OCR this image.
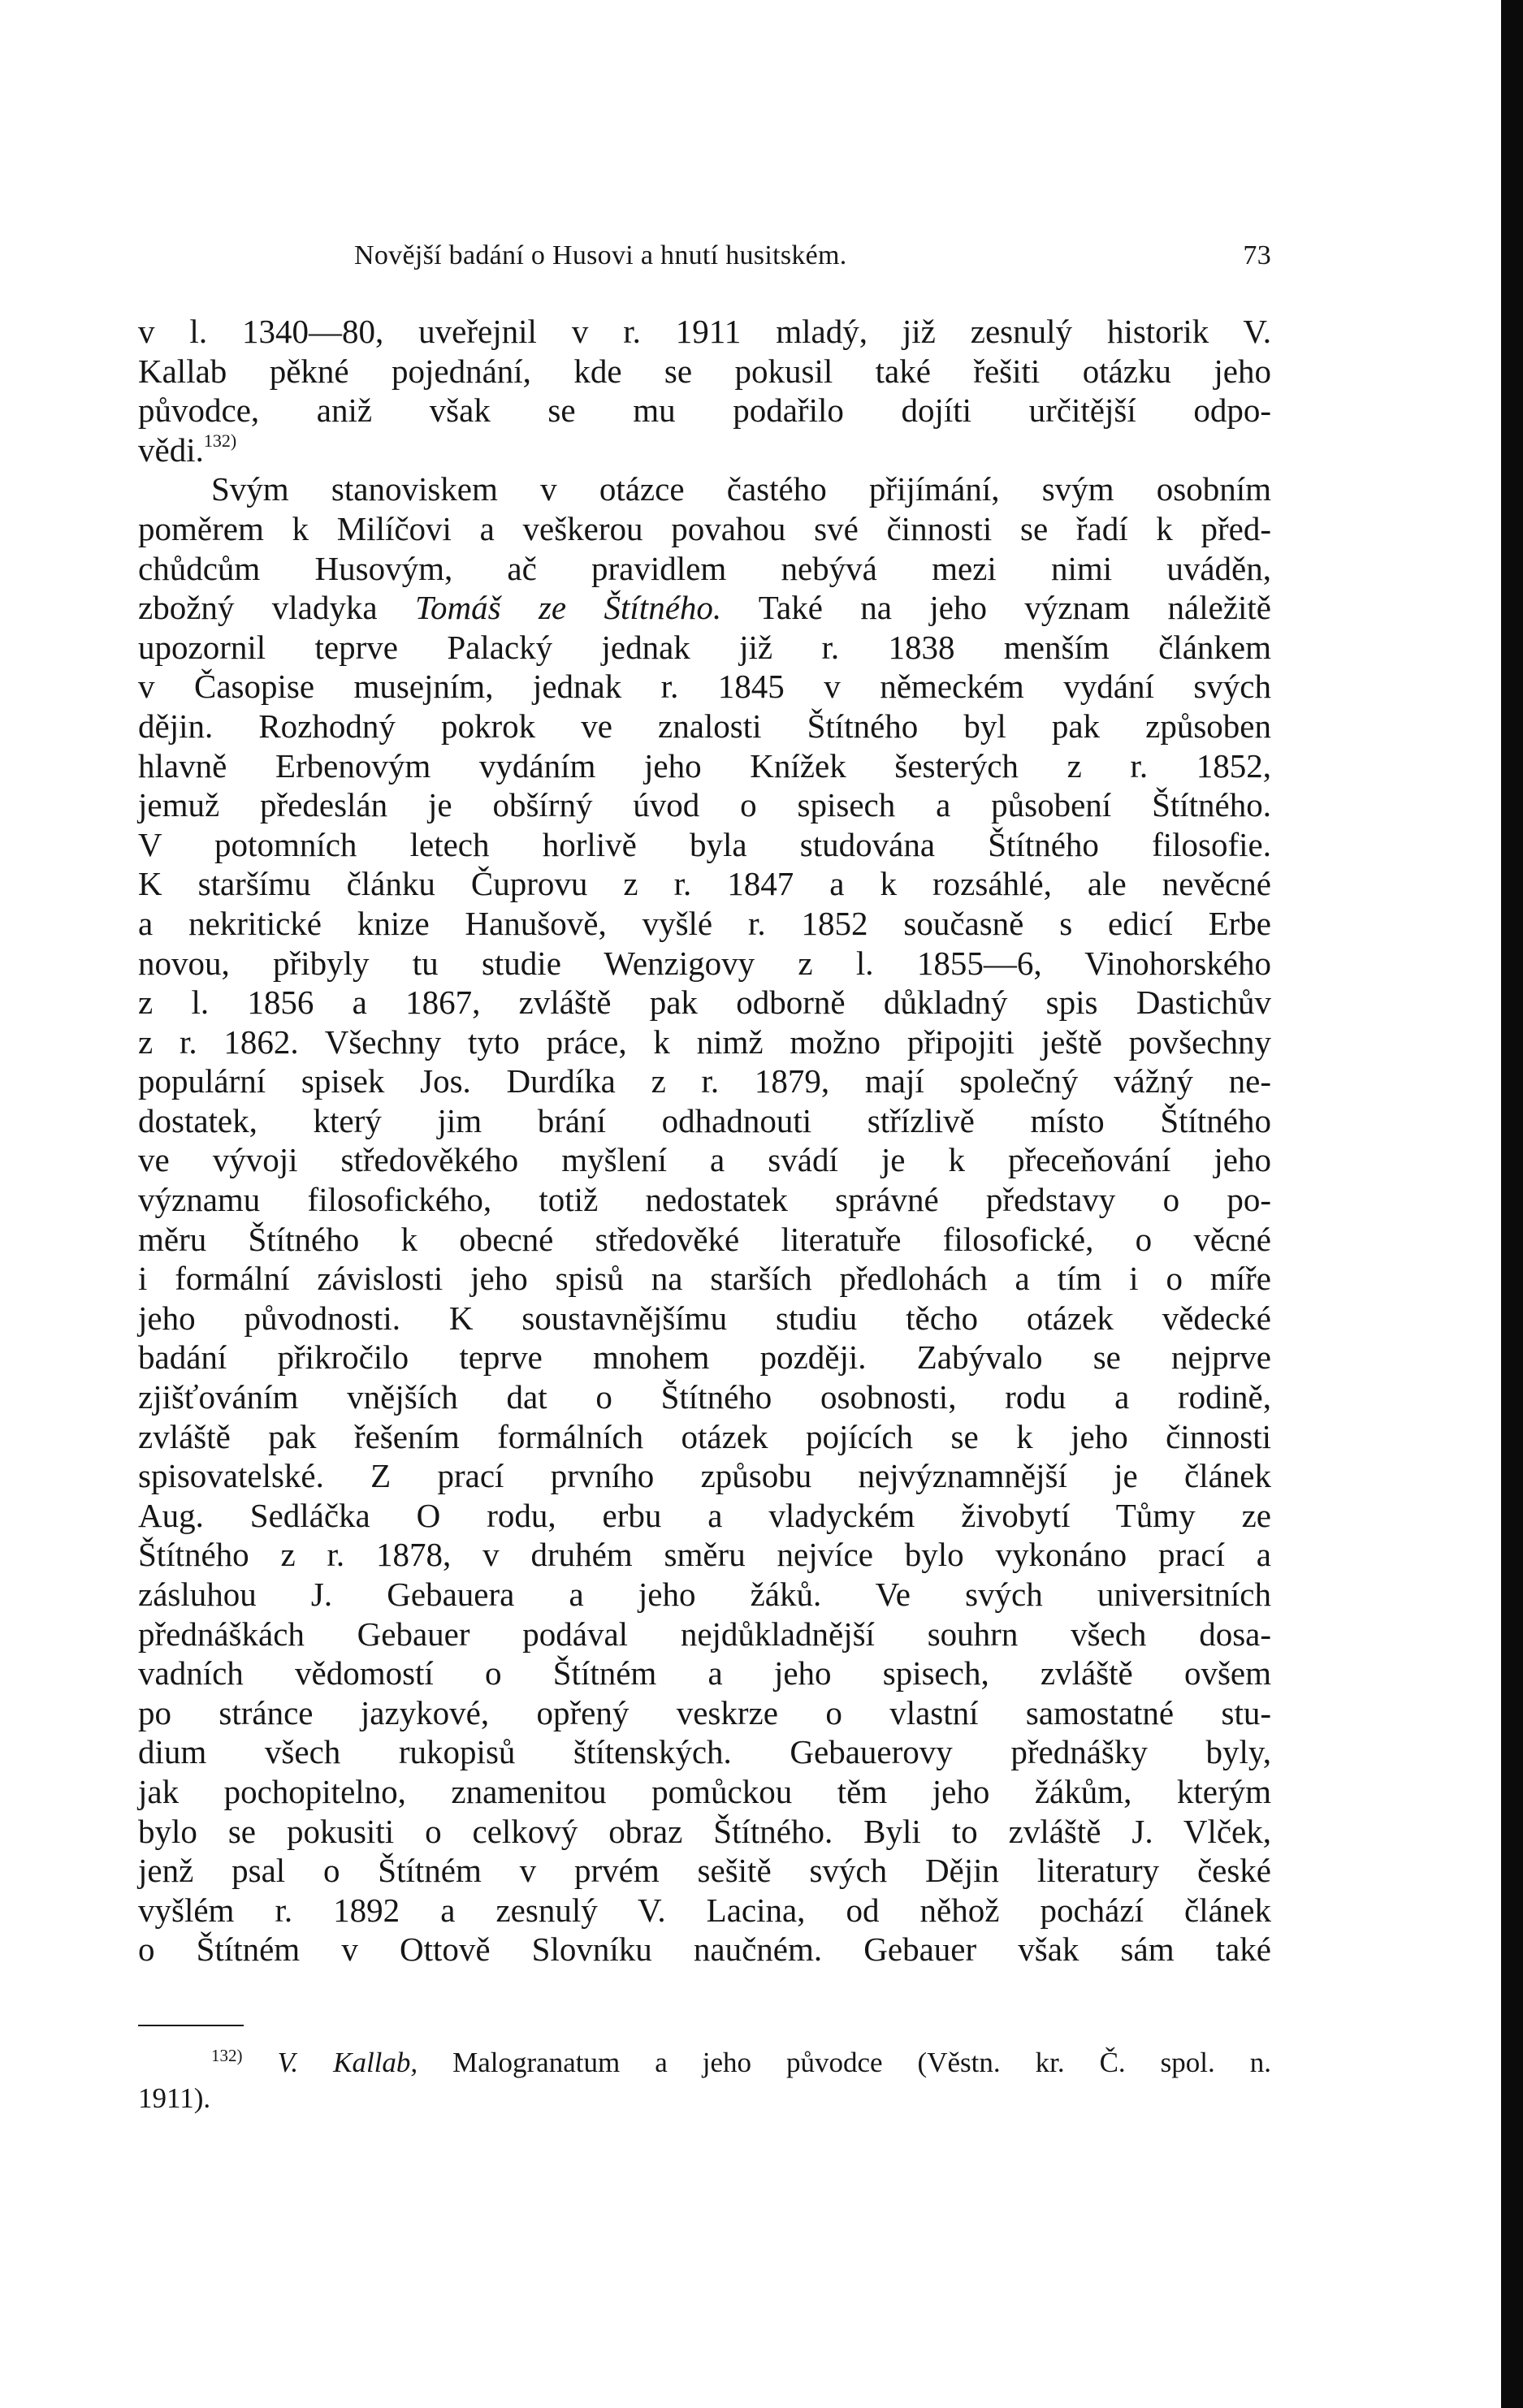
Novější badání o Husovi a hnutí husitském.	73
v l. 1340—80, uveřejnil v r. 1911 mladý, již zesnulý historik V.
Kallab pěkné pojednání, kde se pokusil také řešiti otázku jeho
původce, aniž však se mu podařilo dojíti určitější odpo-
vědi.$^{132)}$
Svým stanoviskem v otázce častého přijímání, svým osobním
poměrem k Milíčovi a veškerou povahou své činnosti se řadí k před-
chůdcům Husovým, ač pravidlem nebývá mezi nimi uváděn,
zbožný vladyka Tomáš ze Štítného. Také na jeho význam náležitě
upozornil teprve Palacký jednak již r. 1838 menším článkem
v Časopise musejním, jednak r. 1845 v německém vydání svých
dějin. Rozhodný pokrok ve znalosti Štítného byl pak způsoben
hlavně Erbenovým vydáním jeho Knížek šesterých z r. 1852,
jemuž předeslán je obšírný úvod o spisech a působení Štítného.
V potomních letech horlivě byla studována Štítného filosofie.
K staršímu článku Čuprovu z r. 1847 a k rozsáhlé, ale nevěcné
a nekritické knize Hanušově, vyšlé r. 1852 současně s edicí Erbe
novou, přibyly tu studie Wenzigovy z l. 1855—6, Vinohorského
z l. 1856 a 1867, zvláště pak odborně důkladný spis Dastichův
z r. 1862. Všechny tyto práce, k nimž možno připojiti ještě povšechny
populární spisek Jos. Durdíka z r. 1879, mají společný vážný ne-
dostatek, který jim brání odhadnouti střízlivě místo Štítného
ve vývoji středověkého myšlení a svádí je k přeceňování jeho
významu filosofického, totiž nedostatek správné představy o po-
měru Štítného k obecné středověké literatuře filosofické, o věcné
i formální závislosti jeho spisů na starších předlohách a tím i o míře
jeho původnosti. K soustavnějšímu studiu těcho otázek vědecké
badání přikročilo teprve mnohem později. Zabývalo se nejprve
zjišťováním vnějších dat o Štítného osobnosti, rodu a rodině,
zvláště pak řešením formálních otázek pojících se k jeho činnosti
spisovatelské. Z prací prvního způsobu nejvýznamnější je článek
Aug. Sedláčka O rodu, erbu a vladyckém živobytí Tůmy ze
Štítného z r. 1878, v druhém směru nejvíce bylo vykonáno prací a
zásluhou J. Gebauera a jeho žáků. Ve svých universitních
přednáškách Gebauer podával nejdůkladnější souhrn všech dosa-
vadních vědomostí o Štítném a jeho spisech, zvláště ovšem
po stránce jazykové, opřený veskrze o vlastní samostatné stu-
dium všech rukopisů štítenských. Gebauerovy přednášky byly,
jak pochopitelno, znamenitou pomůckou těm jeho žákům, kterým
bylo se pokusiti o celkový obraz Štítného. Byli to zvláště J. Vlček,
jenž psal o Štítném v prvém sešitě svých Dějin literatury české
vyšlém r. 1892 a zesnulý V. Lacina, od něhož pochází článek
o Štítném v Ottově Slovníku naučném. Gebauer však sám také
$^{132)}$ V. Kallab, Malogranatum a jeho původce (Věstn. kr. Č. spol. n.
1911).
